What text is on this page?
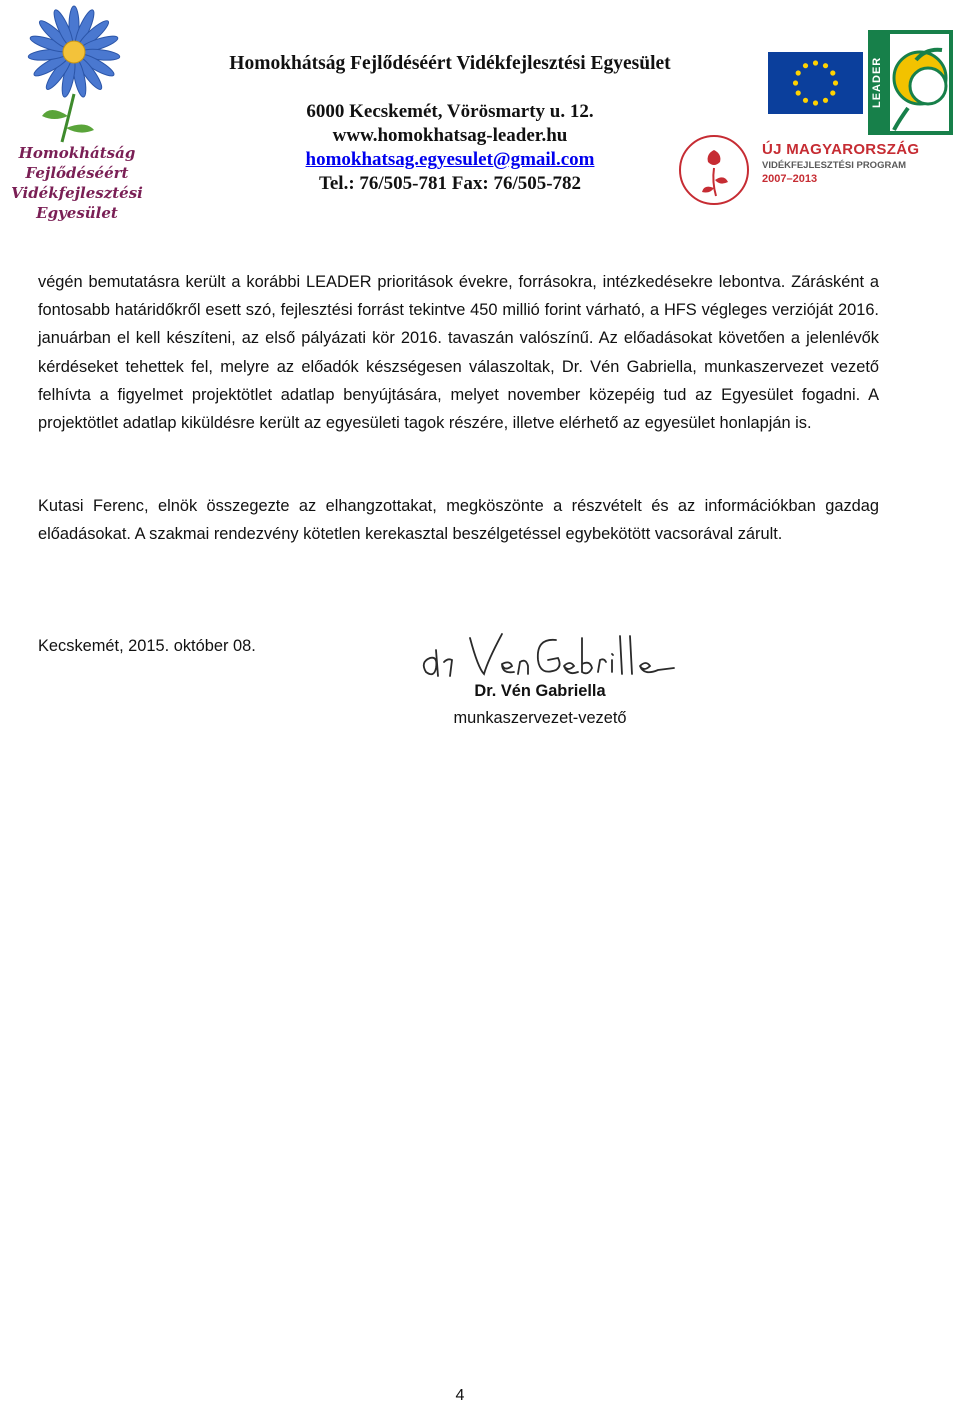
Homokhátság
Fejlődéséért
Vidékfejlesztési
Egyesület

Homokhátság Fejlődéséért Vidékfejlesztési Egyesület

6000 Kecskemét, Vörösmarty u. 12.

www.homokhatsag-leader.hu

homokhatsag.egyesulet@gmail.com

Tel.: 76/505-781 Fax: 76/505-782

LEADER
ÚJ MAGYARORSZÁG
VIDÉKFEJLESZTÉSI PROGRAM
2007–2013

végén bemutatásra került a korábbi LEADER prioritások évekre, forrásokra, intézkedésekre lebontva. Zárásként a fontosabb határidőkről esett szó, fejlesztési forrást tekintve 450 millió forint várható, a HFS végleges verzióját 2016. januárban el kell készíteni, az első pályázati kör 2016. tavaszán valószínű. Az előadásokat követően a jelenlévők kérdéseket tehettek fel, melyre az előadók készségesen válaszoltak, Dr. Vén Gabriella, munkaszervezet vezető felhívta a figyelmet projektötlet adatlap benyújtására, melyet november közepéig tud az Egyesület fogadni. A projektötlet adatlap kiküldésre került az egyesületi tagok részére, illetve elérhető az egyesület honlapján is.

Kutasi Ferenc, elnök összegezte az elhangzottakat, megköszönte a részvételt és az információkban gazdag előadásokat. A szakmai rendezvény kötetlen kerekasztal beszélgetéssel egybekötött vacsorával zárult.

Kecskemét, 2015. október 08.

Dr. Vén Gabriella

munkaszervezet-vezető

4
